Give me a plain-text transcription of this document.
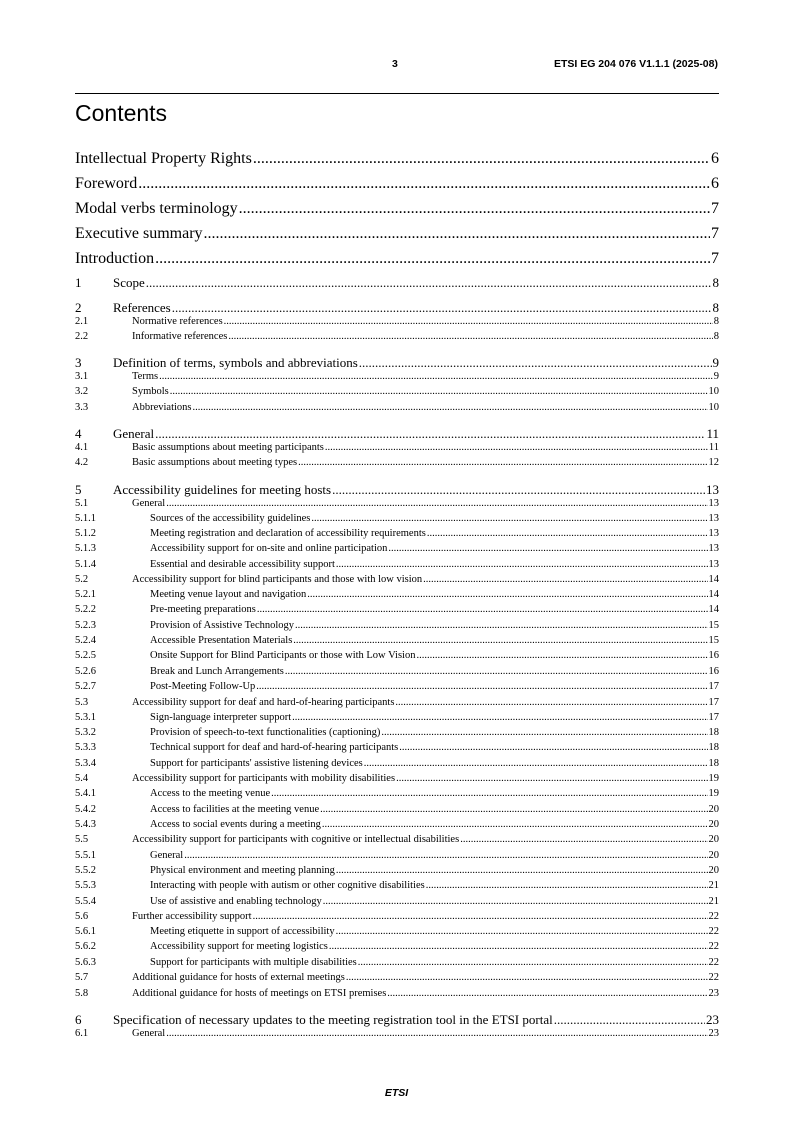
3	ETSI EG 204 076 V1.1.1 (2025-08)
Contents
Intellectual Property Rights .....	6
Foreword .....	6
Modal verbs terminology .....	7
Executive summary .....	7
Introduction .....	7
1	Scope .....	8
2	References .....	8
2.1	Normative references .....	8
2.2	Informative references .....	8
3	Definition of terms, symbols and abbreviations .....	9
3.1	Terms .....	9
3.2	Symbols .....	10
3.3	Abbreviations .....	10
4	General .....	11
4.1	Basic assumptions about meeting participants .....	11
4.2	Basic assumptions about meeting types .....	12
5	Accessibility guidelines for meeting hosts .....	13
5.1	General .....	13
5.1.1	Sources of the accessibility guidelines .....	13
5.1.2	Meeting registration and declaration of accessibility requirements .....	13
5.1.3	Accessibility support for on-site and online participation .....	13
5.1.4	Essential and desirable accessibility support .....	13
5.2	Accessibility support for blind participants and those with low vision .....	14
5.2.1	Meeting venue layout and navigation .....	14
5.2.2	Pre-meeting preparations .....	14
5.2.3	Provision of Assistive Technology .....	15
5.2.4	Accessible Presentation Materials .....	15
5.2.5	Onsite Support for Blind Participants or those with Low Vision .....	16
5.2.6	Break and Lunch Arrangements .....	16
5.2.7	Post-Meeting Follow-Up .....	17
5.3	Accessibility support for deaf and hard-of-hearing participants .....	17
5.3.1	Sign-language interpreter support .....	17
5.3.2	Provision of speech-to-text functionalities (captioning) .....	18
5.3.3	Technical support for deaf and hard-of-hearing participants .....	18
5.3.4	Support for participants' assistive listening devices .....	18
5.4	Accessibility support for participants with mobility disabilities .....	19
5.4.1	Access to the meeting venue .....	19
5.4.2	Access to facilities at the meeting venue .....	20
5.4.3	Access to social events during a meeting .....	20
5.5	Accessibility support for participants with cognitive or intellectual disabilities .....	20
5.5.1	General .....	20
5.5.2	Physical environment and meeting planning .....	20
5.5.3	Interacting with people with autism or other cognitive disabilities .....	21
5.5.4	Use of assistive and enabling technology .....	21
5.6	Further accessibility support .....	22
5.6.1	Meeting etiquette in support of accessibility .....	22
5.6.2	Accessibility support for meeting logistics .....	22
5.6.3	Support for participants with multiple disabilities .....	22
5.7	Additional guidance for hosts of external meetings .....	22
5.8	Additional guidance for hosts of meetings on ETSI premises .....	23
6	Specification of necessary updates to the meeting registration tool in the ETSI portal .....	23
6.1	General .....	23
ETSI
